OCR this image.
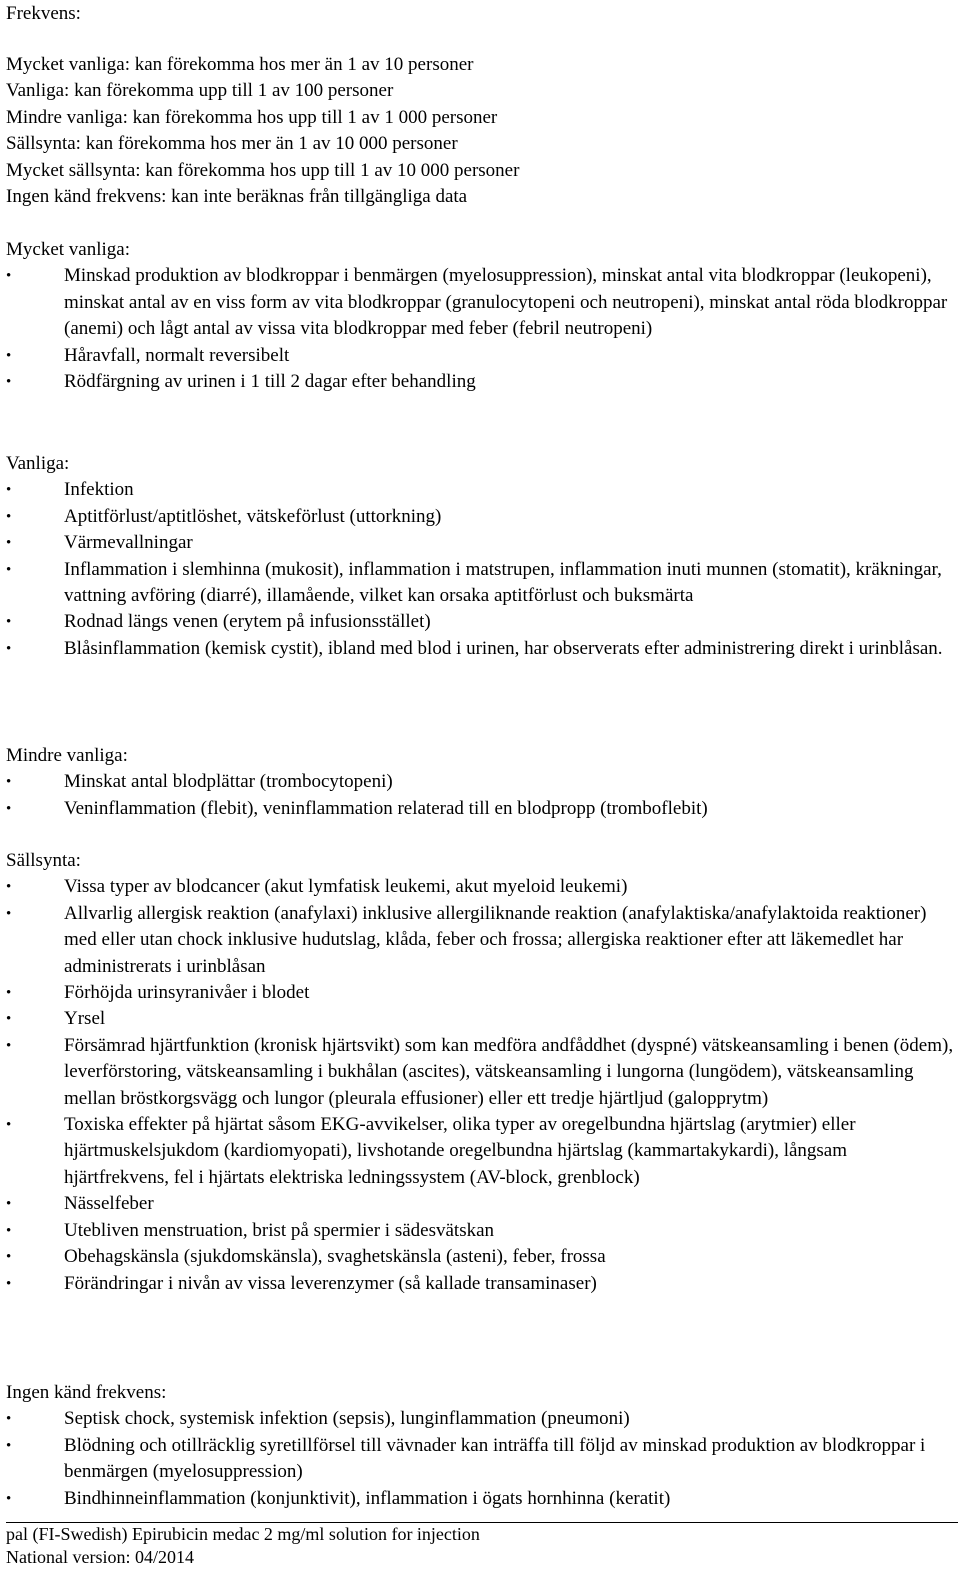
Frekvens:
Mycket vanliga: kan förekomma hos mer än 1 av 10 personer
Vanliga: kan förekomma upp till 1 av 100 personer
Mindre vanliga: kan förekomma hos upp till 1 av 1 000 personer
Sällsynta: kan förekomma hos mer än 1 av 10 000 personer
Mycket sällsynta: kan förekomma hos upp till 1 av 10 000 personer
Ingen känd frekvens: kan inte beräknas från tillgängliga data
Mycket vanliga:
• Minskad produktion av blodkroppar i benmärgen (myelosuppression), minskat antal vita blodkroppar (leukopeni), minskat antal av en viss form av vita blodkroppar (granulocytopeni och neutropeni), minskat antal röda blodkroppar (anemi) och lågt antal av vissa vita blodkroppar med feber (febril neutropeni)
• Håravfall, normalt reversibelt
• Rödfärgning av urinen i 1 till 2 dagar efter behandling
Vanliga:
• Infektion
• Aptitförlust/aptitlöshet, vätskeförlust (uttorkning)
• Värmevallningar
• Inflammation i slemhinna (mukosit), inflammation i matstrupen, inflammation inuti munnen (stomatit), kräkningar, vattning avföring (diarré), illamående, vilket kan orsaka aptitförlust och buksmärta
• Rodnad längs venen (erytem på infusionsstället)
• Blåsinflammation (kemisk cystit), ibland med blod i urinen, har observerats efter administrering direkt i urinblåsan.
Mindre vanliga:
• Minskat antal blodplättar (trombocytopeni)
• Veninflammation (flebit), veninflammation relaterad till en blodpropp (tromboflebit)
Sällsynta:
• Vissa typer av blodcancer (akut lymfatisk leukemi, akut myeloid leukemi)
• Allvarlig allergisk reaktion (anafylaxi) inklusive allergiliknande reaktion (anafylaktiska/anafylaktoida reaktioner) med eller utan chock inklusive hudutslag, klåda, feber och frossa; allergiska reaktioner efter att läkemedlet har administrerats i urinblåsan
• Förhöjda urinsyranivåer i blodet
• Yrsel
• Försämrad hjärtfunktion (kronisk hjärtsvikt) som kan medföra andfåddhet (dyspné) vätskeansamling i benen (ödem), leverförstoring, vätskeansamling i bukhålan (ascites), vätskeansamling i lungorna (lungödem), vätskeansamling mellan bröstkorgsvägg och lungor (pleurala effusioner) eller ett tredje hjärtljud (galopprytm)
• Toxiska effekter på hjärtat såsom EKG-avvikelser, olika typer av oregelbundna hjärtslag (arytmier) eller hjärtmuskelsjukdom (kardiomyopati), livshotande oregelbundna hjärtslag (kammartakykardi), långsam hjärtfrekvens, fel i hjärtats elektriska ledningssystem (AV-block, grenblock)
• Nässelfeber
• Utebliven menstruation, brist på spermier i sädesvätskan
• Obehagskänsla (sjukdomskänsla), svaghetskänsla (asteni), feber, frossa
• Förändringar i nivån av vissa leverenzymer (så kallade transaminaser)
Ingen känd frekvens:
• Septisk chock, systemisk infektion (sepsis), lunginflammation (pneumoni)
• Blödning och otillräcklig syretillförsel till vävnader kan inträffa till följd av minskad produktion av blodkroppar i benmärgen (myelosuppression)
• Bindhinneinflammation (konjunktivit), inflammation i ögats hornhinna (keratit)
pal (FI-Swedish) Epirubicin medac 2 mg/ml solution for injection
National version: 04/2014
